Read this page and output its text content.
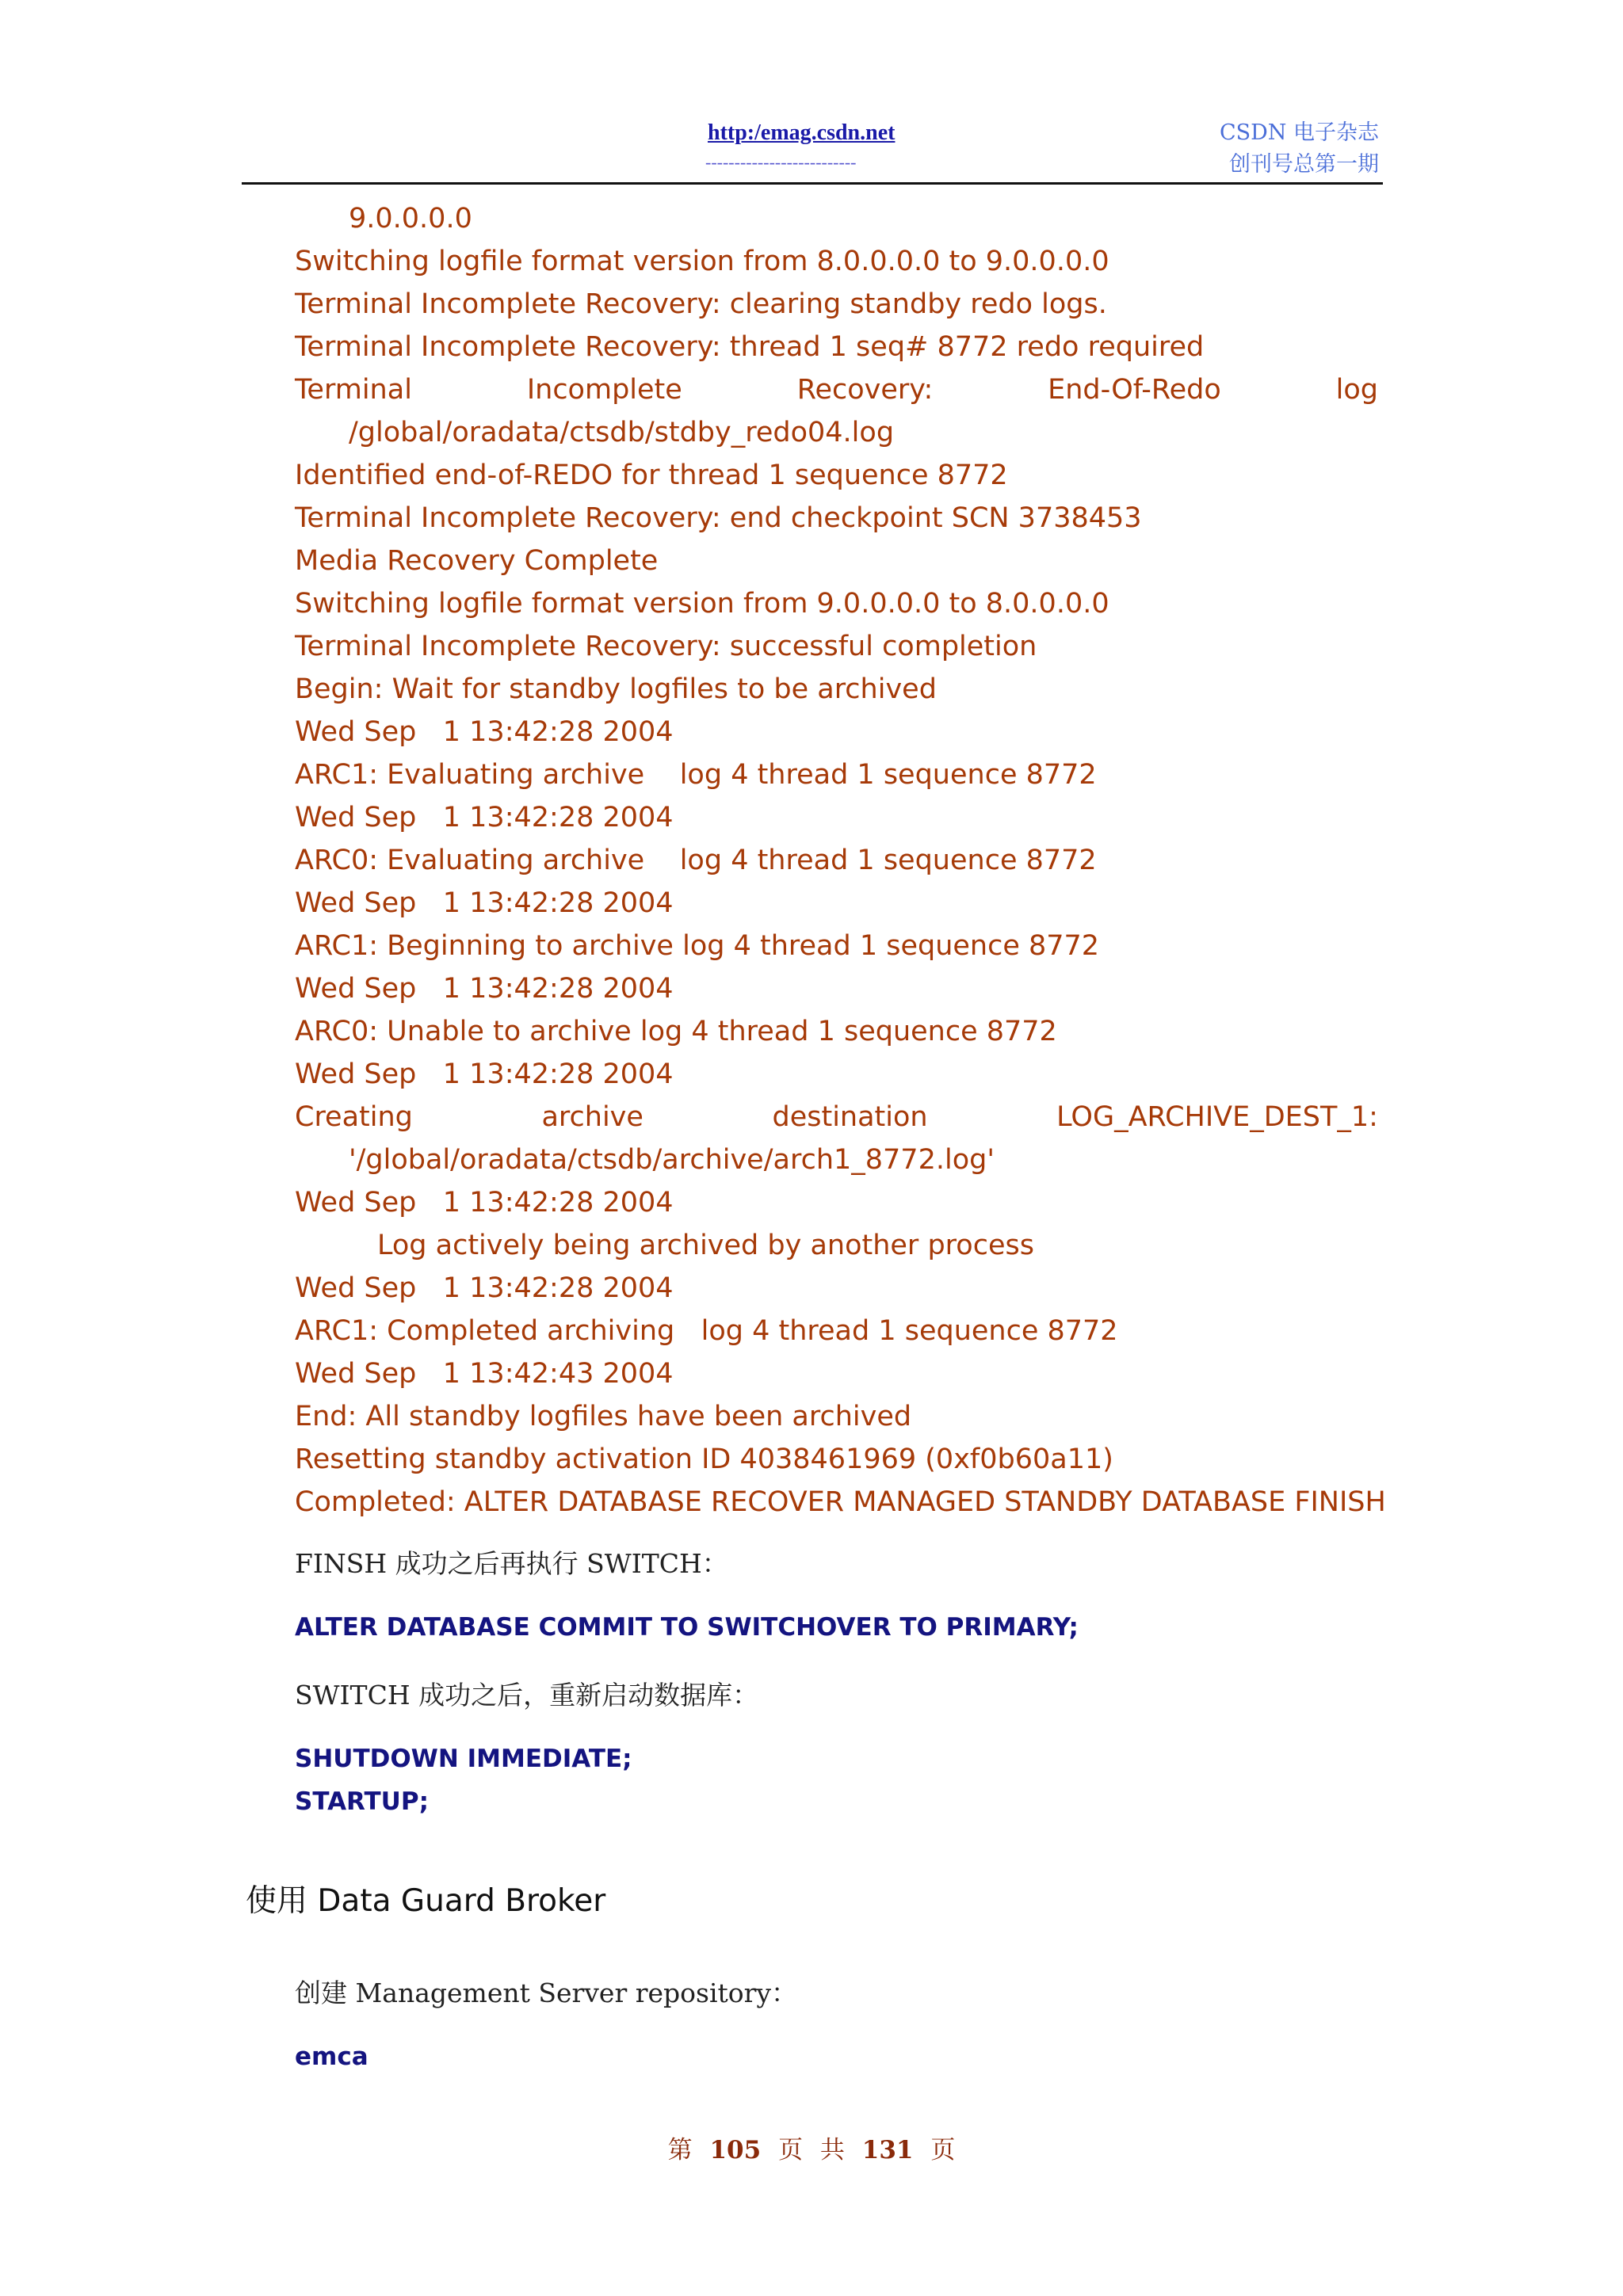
http:/emag.csdn.net
--------------------------
CSDN 电子杂志
创刊号总第一期
9.0.0.0.0
Switching logfile format version from 8.0.0.0.0 to 9.0.0.0.0
Terminal Incomplete Recovery: clearing standby redo logs.
Terminal Incomplete Recovery: thread 1 seq# 8772 redo required
Terminal	Incomplete	Recovery:	End-Of-Redo	log
/global/oradata/ctsdb/stdby_redo04.log
Identified end-of-REDO for thread 1 sequence 8772
Terminal Incomplete Recovery: end checkpoint SCN 3738453
Media Recovery Complete
Switching logfile format version from 9.0.0.0.0 to 8.0.0.0.0
Terminal Incomplete Recovery: successful completion
Begin: Wait for standby logfiles to be archived
Wed Sep   1 13:42:28 2004
ARC1: Evaluating archive    log 4 thread 1 sequence 8772
Wed Sep   1 13:42:28 2004
ARC0: Evaluating archive    log 4 thread 1 sequence 8772
Wed Sep   1 13:42:28 2004
ARC1: Beginning to archive log 4 thread 1 sequence 8772
Wed Sep   1 13:42:28 2004
ARC0: Unable to archive log 4 thread 1 sequence 8772
Wed Sep   1 13:42:28 2004
Creating	archive	destination	LOG_ARCHIVE_DEST_1:
'/global/oradata/ctsdb/archive/arch1_8772.log'
Wed Sep   1 13:42:28 2004
Log actively being archived by another process
Wed Sep   1 13:42:28 2004
ARC1: Completed archiving   log 4 thread 1 sequence 8772
Wed Sep   1 13:42:43 2004
End: All standby logfiles have been archived
Resetting standby activation ID 4038461969 (0xf0b60a11)
Completed: ALTER DATABASE RECOVER MANAGED STANDBY DATABASE FINISH
FINSH 成功之后再执行 SWITCH：
ALTER DATABASE COMMIT TO SWITCHOVER TO PRIMARY;
SWITCH 成功之后，重新启动数据库：
SHUTDOWN IMMEDIATE;
STARTUP;
使用 Data Guard Broker
创建 Management Server repository：
emca
第 105 页 共 131 页
